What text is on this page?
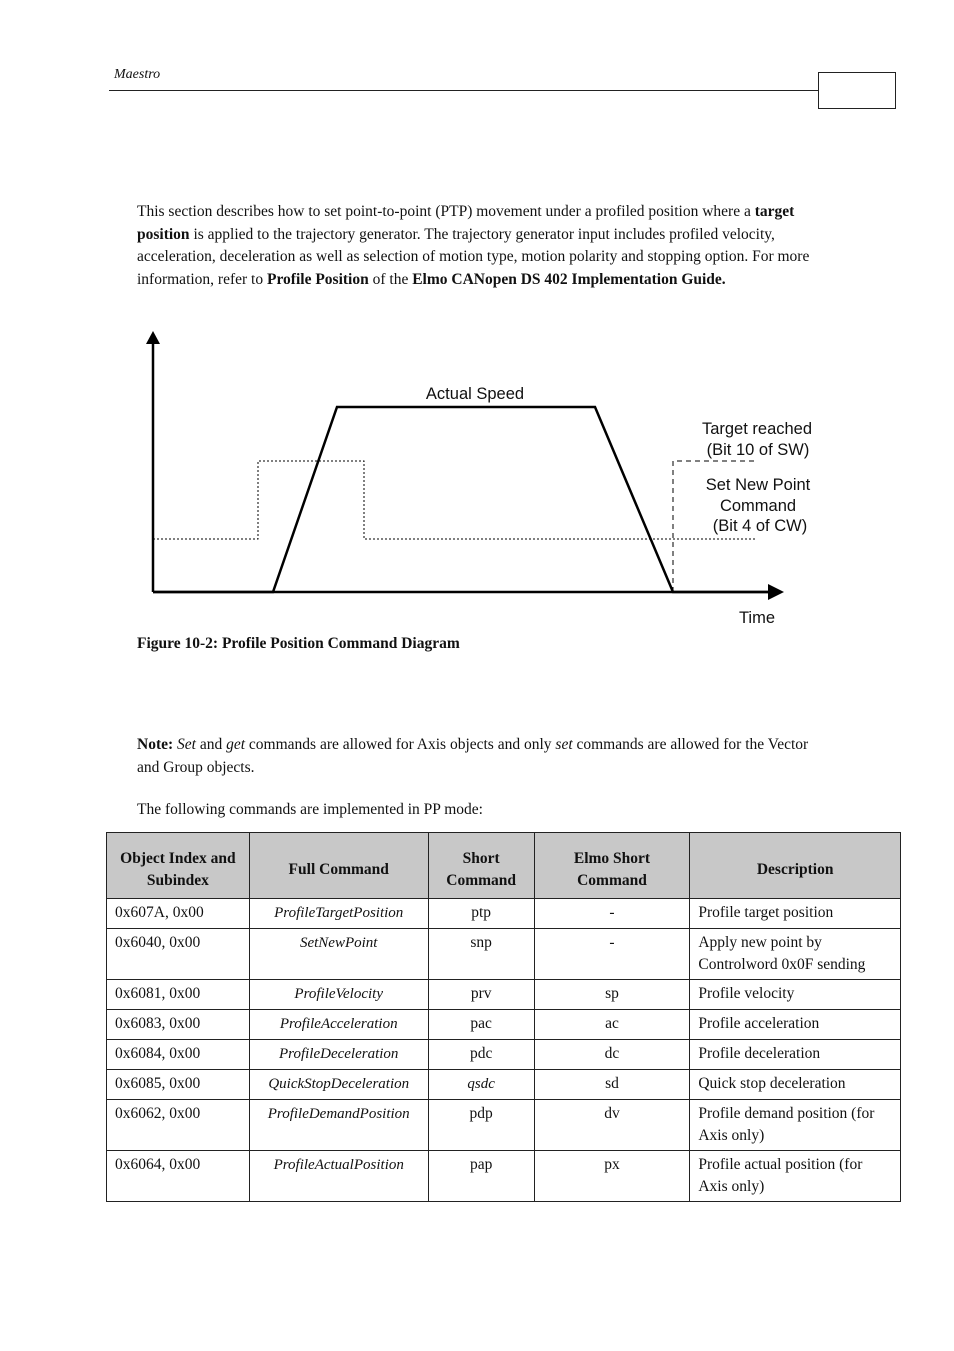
Maestro

This section describes how to set point-to-point (PTP) movement under a profiled position where a target position is applied to the trajectory generator. The trajectory generator input includes profiled velocity, acceleration, deceleration as well as selection of motion type, motion polarity and stopping option. For more information, refer to Profile Position of the Elmo CANopen DS 402 Implementation Guide.

Actual Speed
Target reached
(Bit 10 of SW)
Set New Point
Command
(Bit 4 of CW)
Time
Figure 10-2: Profile Position Command Diagram

Note: Set and get commands are allowed for Axis objects and only set commands are allowed for the Vector and Group objects.

The following commands are implemented in PP mode:
Object Index and Subindex	Full Command	Short Command	Elmo Short Command	Description
0x607A, 0x00	ProfileTargetPosition	ptp	-	Profile target position
0x6040, 0x00	SetNewPoint	snp	-	Apply new point by Controlword 0x0F sending
0x6081, 0x00	ProfileVelocity	prv	sp	Profile velocity
0x6083, 0x00	ProfileAcceleration	pac	ac	Profile acceleration
0x6084, 0x00	ProfileDeceleration	pdc	dc	Profile deceleration
0x6085, 0x00	QuickStopDeceleration	qsdc	sd	Quick stop deceleration
0x6062, 0x00	ProfileDemandPosition	pdp	dv	Profile demand position (for Axis only)
0x6064, 0x00	ProfileActualPosition	pap	px	Profile actual position (for Axis only)
